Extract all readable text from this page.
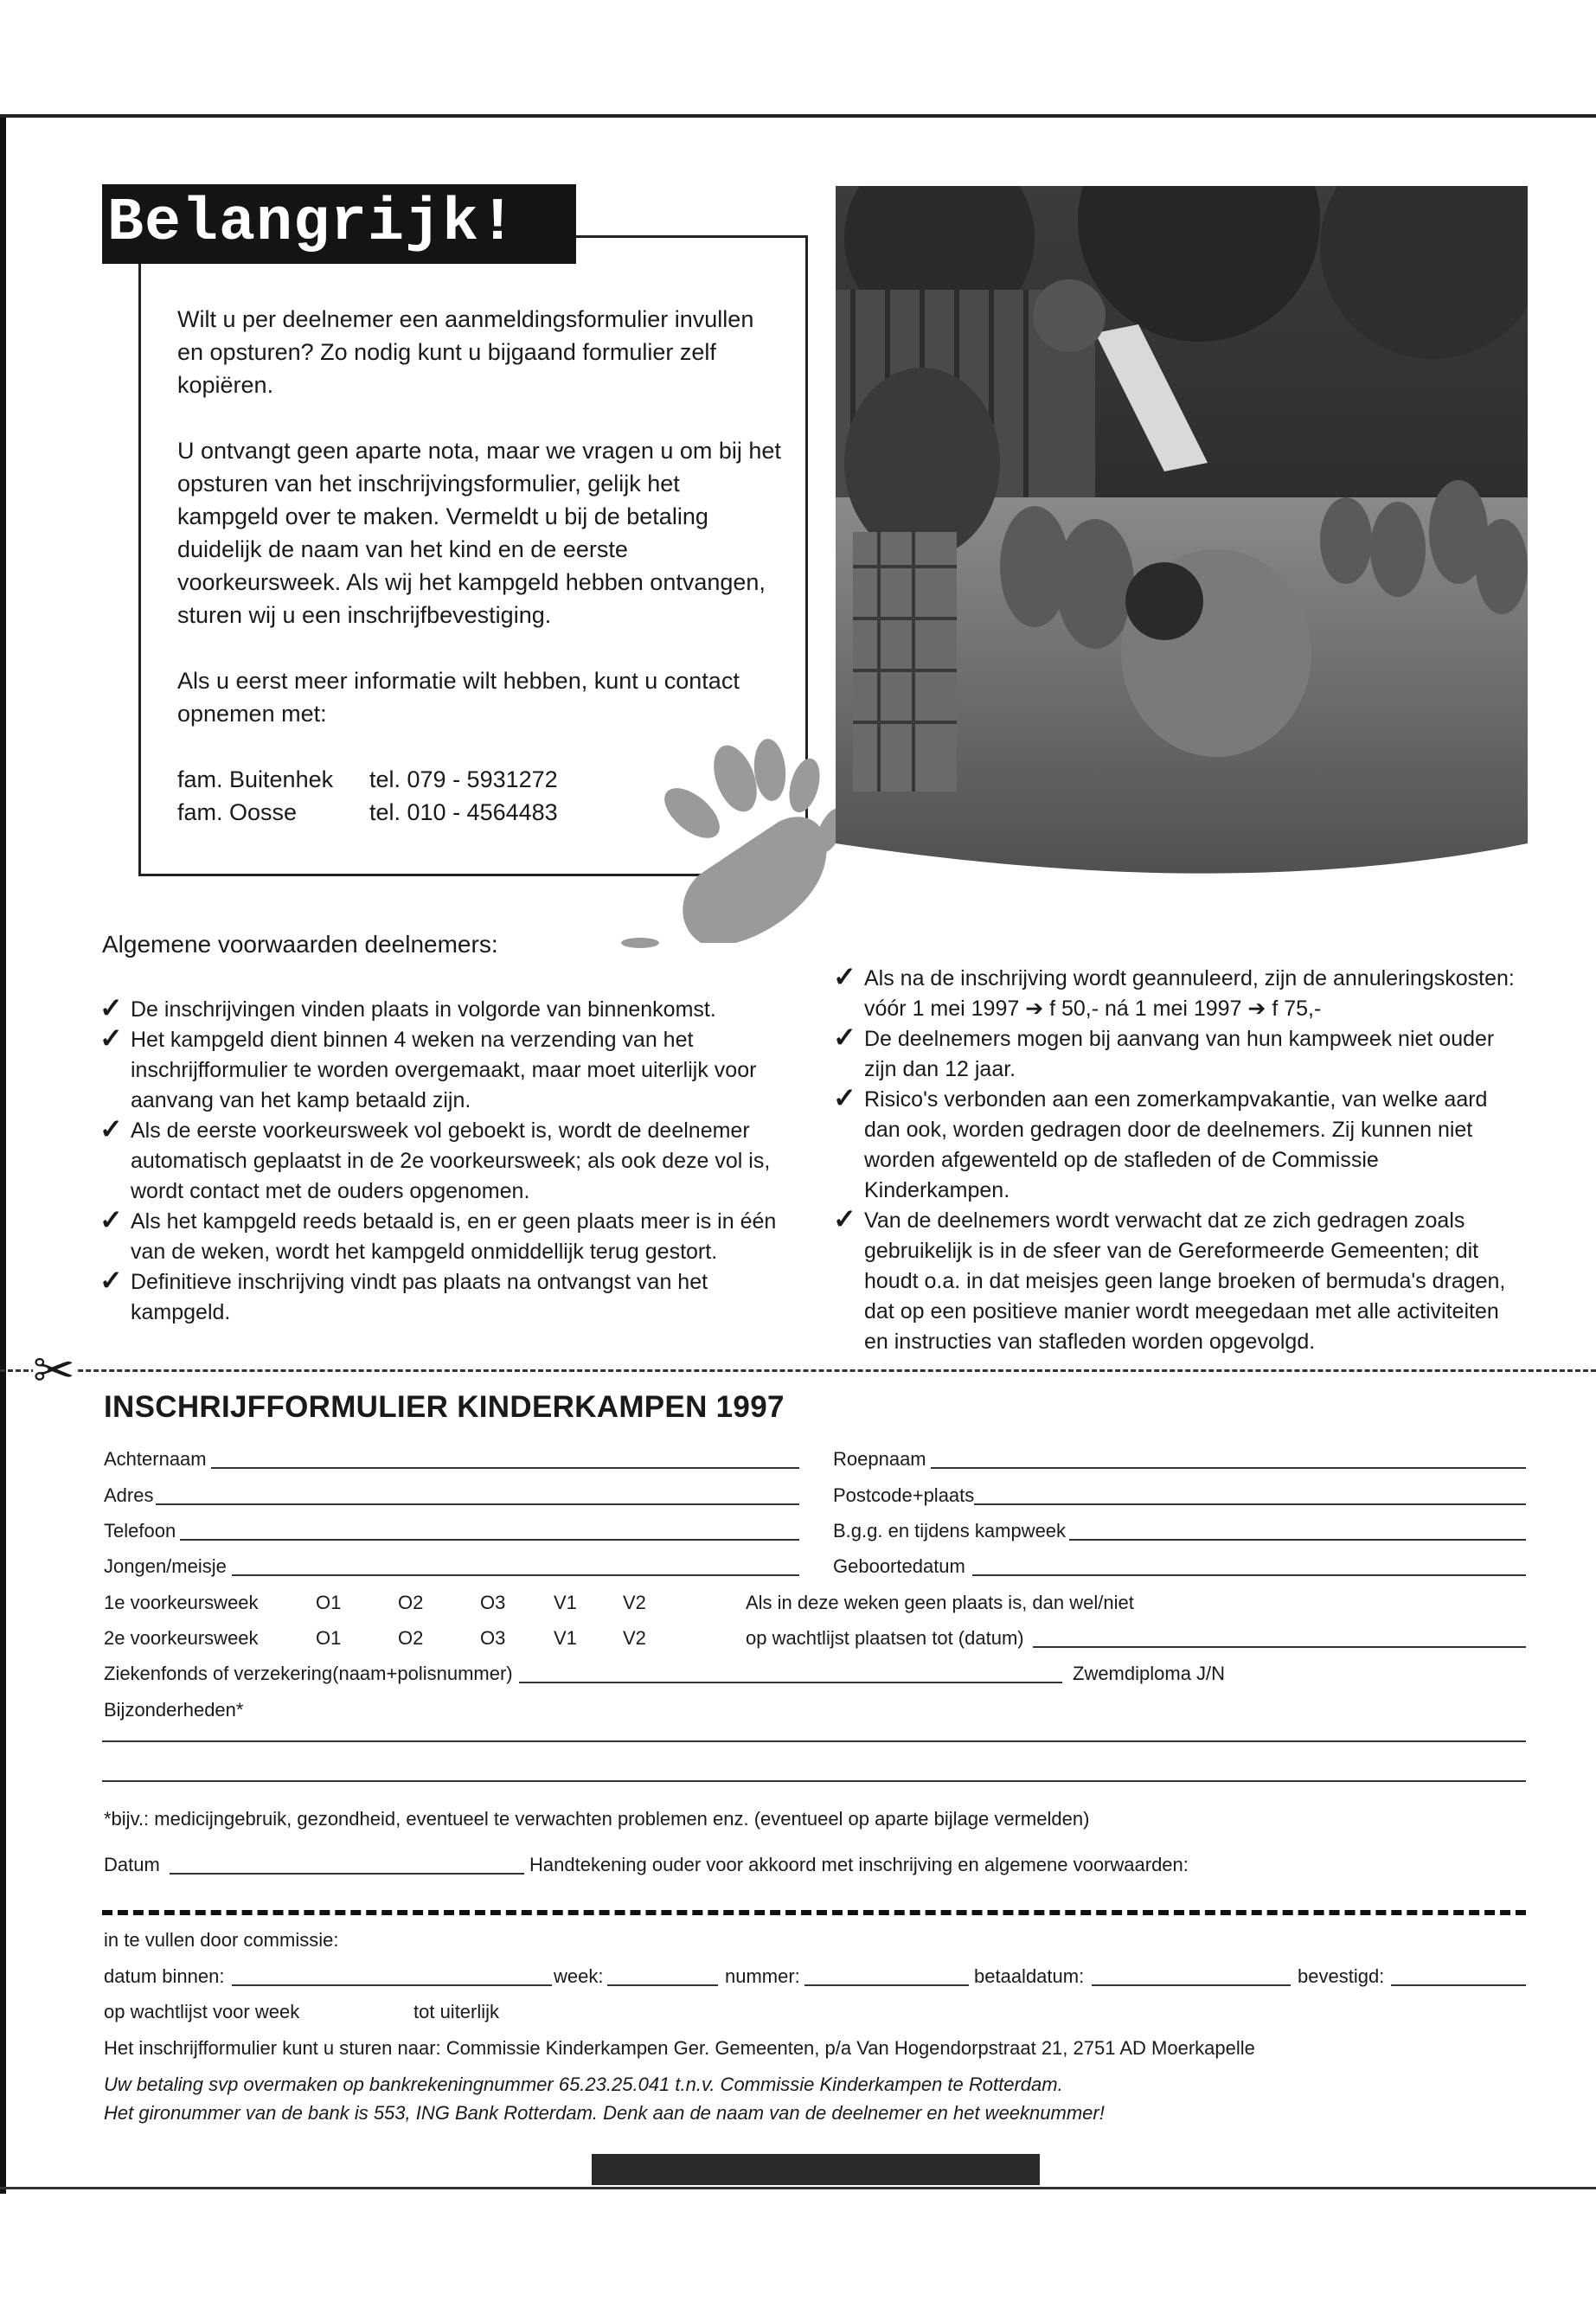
Belangrijk!
Wilt u per deelnemer een aanmeldingsformulier invullen en opsturen? Zo nodig kunt u bijgaand formulier zelf kopiëren.
U ontvangt geen aparte nota, maar we vragen u om bij het opsturen van het inschrijvingsformulier, gelijk het kampgeld over te maken. Vermeldt u bij de betaling duidelijk de naam van het kind en de eerste voorkeursweek. Als wij het kampgeld hebben ontvangen, sturen wij u een inschrijfbevestiging.
Als u eerst meer informatie wilt hebben, kunt u contact opnemen met:
fam. Buitenhek tel. 079 - 5931272
fam. Oosse	tel. 010 - 4564483
Algemene voorwaarden deelnemers:
✓ De inschrijvingen vinden plaats in volgorde van binnenkomst.
✓ Het kampgeld dient binnen 4 weken na verzending van het inschrijfformulier te worden overgemaakt, maar moet uiterlijk voor aanvang van het kamp betaald zijn.
✓ Als de eerste voorkeursweek vol geboekt is, wordt de deelnemer automatisch geplaatst in de 2e voorkeursweek; als ook deze vol is, wordt contact met de ouders opgenomen.
✓ Als het kampgeld reeds betaald is, en er geen plaats meer is in één van de weken, wordt het kampgeld onmiddellijk terug gestort.
✓ Definitieve inschrijving vindt pas plaats na ontvangst van het kampgeld.
✓ Als na de inschrijving wordt geannuleerd, zijn de annuleringskosten: vóór 1 mei 1997 ➔ f 50,- ná 1 mei 1997 ➔ f 75,-
✓ De deelnemers mogen bij aanvang van hun kampweek niet ouder zijn dan 12 jaar.
✓ Risico's verbonden aan een zomerkampvakantie, van welke aard dan ook, worden gedragen door de deelnemers. Zij kunnen niet worden afgewenteld op de stafleden of de Commissie Kinderkampen.
✓ Van de deelnemers wordt verwacht dat ze zich gedragen zoals gebruikelijk is in de sfeer van de Gereformeerde Gemeenten; dit houdt o.a. in dat meisjes geen lange broeken of bermuda's dragen, dat op een positieve manier wordt meegedaan met alle activiteiten en instructies van stafleden worden opgevolgd.
✂
INSCHRIJFFORMULIER KINDERKAMPEN 1997
Achternaam	Roepnaam
Adres	Postcode+plaats
Telefoon	B.g.g. en tijdens kampweek
Jongen/meisje	Geboortedatum
1e voorkeursweek	O1	O2	O3	V1 V2	Als in deze weken geen plaats is, dan wel/niet
2e voorkeursweek	O1	O2	O3	V1 V2	op wachtlijst plaatsen tot (datum)
Ziekenfonds of verzekering(naam+polisnummer)	Zwemdiploma J/N
Bijzonderheden*
*bijv.: medicijngebruik, gezondheid, eventueel te verwachten problemen enz. (eventueel op aparte bijlage vermelden)
Datum	Handtekening ouder voor akkoord met inschrijving en algemene voorwaarden:
in te vullen door commissie:
datum binnen:	week:	nummer:	betaaldatum:	bevestigd:
op wachtlijst voor week	tot uiterlijk
Het inschrijfformulier kunt u sturen naar: Commissie Kinderkampen Ger. Gemeenten, p/a Van Hogendorpstraat 21, 2751 AD Moerkapelle
Uw betaling svp overmaken op bankrekeningnummer 65.23.25.041 t.n.v. Commissie Kinderkampen te Rotterdam.
Het gironummer van de bank is 553, ING Bank Rotterdam. Denk aan de naam van de deelnemer en het weeknummer!
